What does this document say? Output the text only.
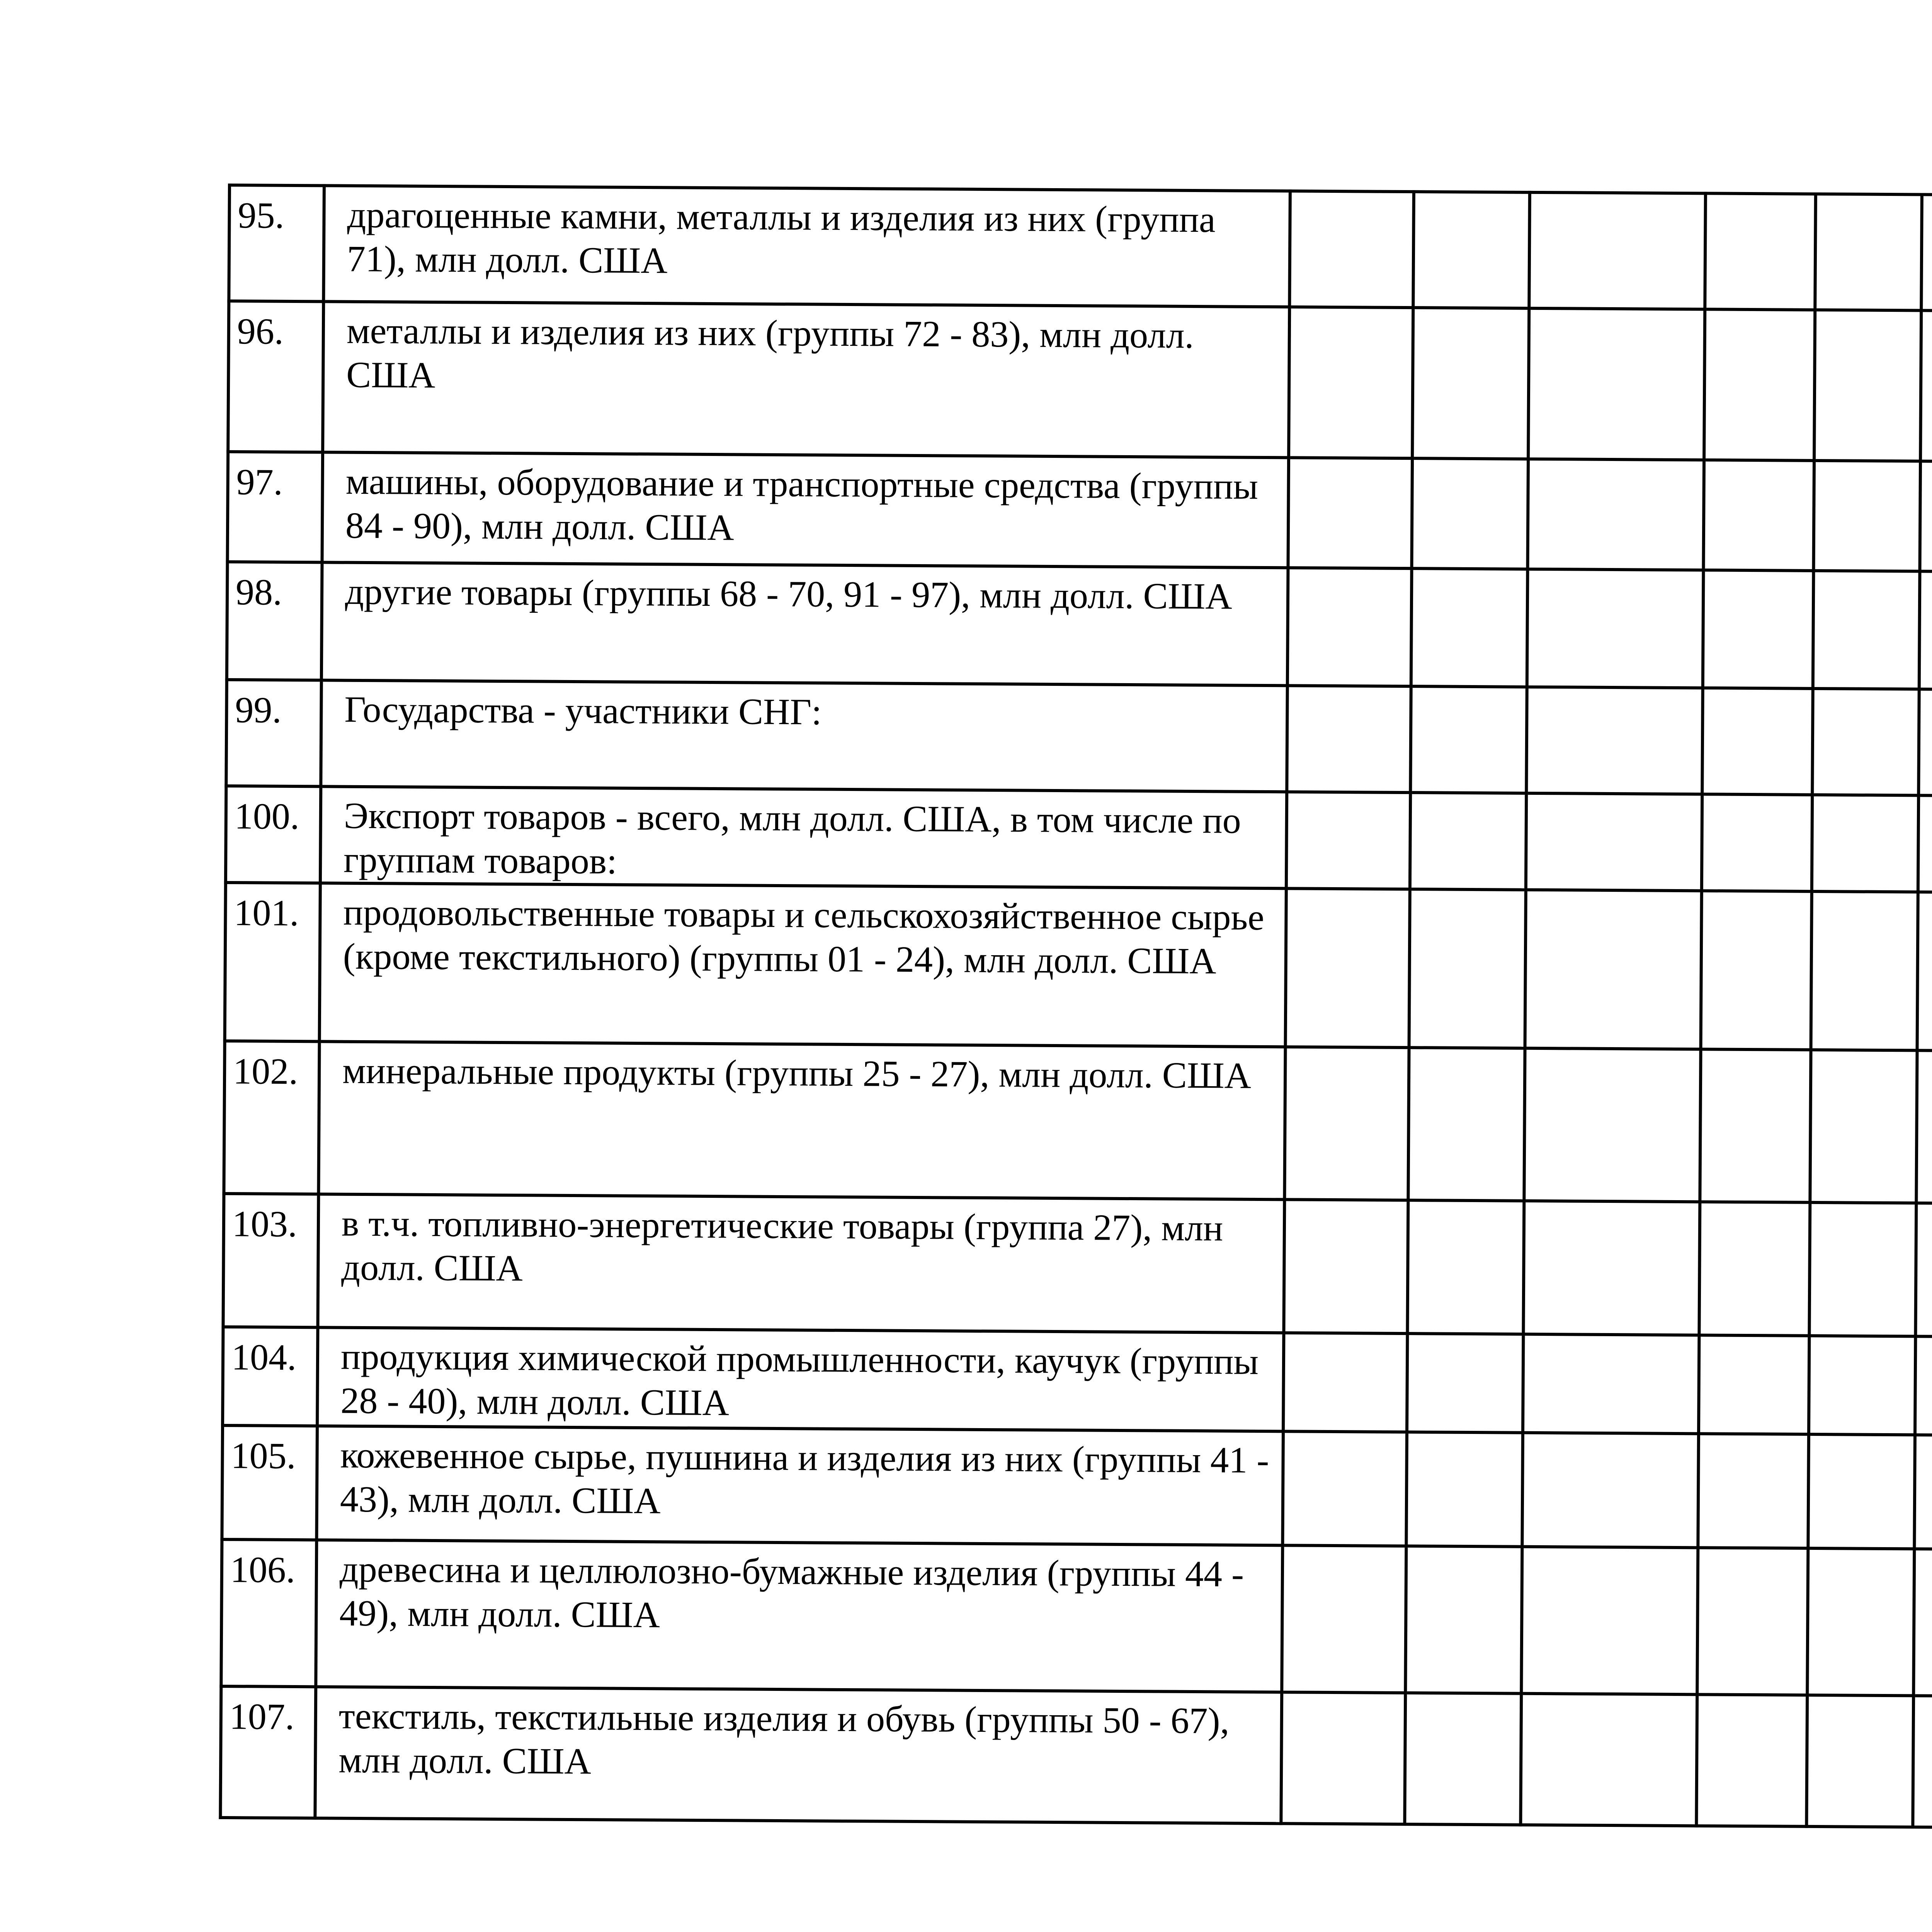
95.	драгоценные камни, металлы и изделия из них (группа 71), млн долл. США													
96.	металлы и изделия из них (группы 72 - 83), млн долл. США													
97.	машины, оборудование и транспортные средства (группы 84 - 90), млн долл. США													
98.	другие товары (группы 68 - 70, 91 - 97), млн долл. США													
99.	Государства - участники СНГ:													
100.	Экспорт товаров - всего, млн долл. США, в том числе по группам товаров:													
101.	продовольственные товары и сельскохозяйственное сырье (кроме текстильного) (группы 01 - 24), млн долл. США													
102.	минеральные продукты (группы 25 - 27), млн долл. США													
103.	в т.ч. топливно-энергетические товары (группа 27), млн долл. США													
104.	продукция химической промышленности, каучук (группы 28 - 40), млн долл. США													
105.	кожевенное сырье, пушнина и изделия из них (группы 41 - 43), млн долл. США													
106.	древесина и целлюлозно-бумажные изделия (группы 44 - 49), млн долл. США													
107.	текстиль, текстильные изделия и обувь (группы 50 - 67), млн долл. США													
